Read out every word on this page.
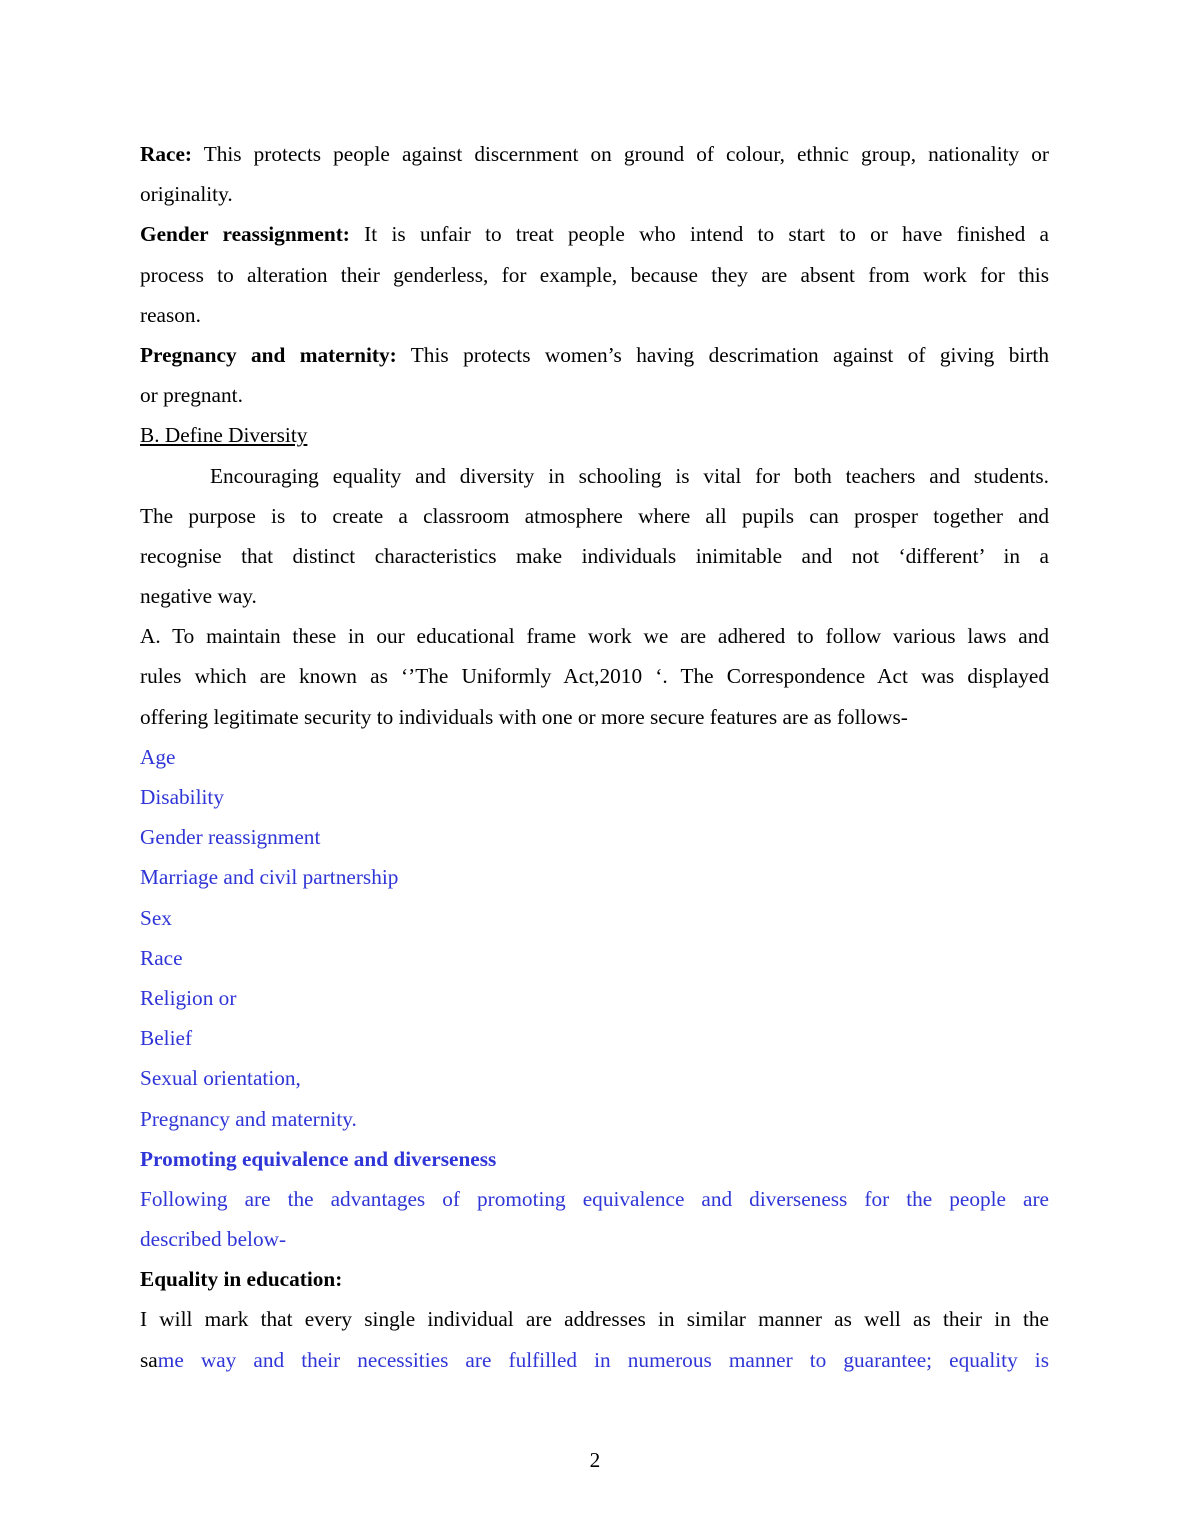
Race: This protects people against discernment on ground of colour, ethnic group, nationality or
originality.
Gender reassignment: It is unfair to treat people who intend to start to or have finished a
process to alteration their genderless, for example, because they are absent from work for this
reason.
Pregnancy and maternity: This protects women’s having descrimation against of giving birth
or pregnant.
B. Define Diversity
Encouraging equality and diversity in schooling is vital for both teachers and students.
The purpose is to create a classroom atmosphere where all pupils can prosper together and
recognise that distinct characteristics make individuals inimitable and not ‘different’ in a
negative way.
A. To maintain these in our educational frame work we are adhered to follow various laws and
rules which are known as ‘’The Uniformly Act,2010 ‘. The Correspondence Act was displayed
offering legitimate security to individuals with one or more secure features are as follows-
Age
Disability
Gender reassignment
Marriage and civil partnership
Sex
Race
Religion or
Belief
Sexual orientation,
Pregnancy and maternity.
Promoting equivalence and diverseness
Following are the advantages of promoting equivalence and diverseness for the people are
described below-
Equality in education:
I will mark that every single individual are addresses in similar manner as well as their in the
same way and their necessities are fulfilled in numerous manner to guarantee; equality is
2
